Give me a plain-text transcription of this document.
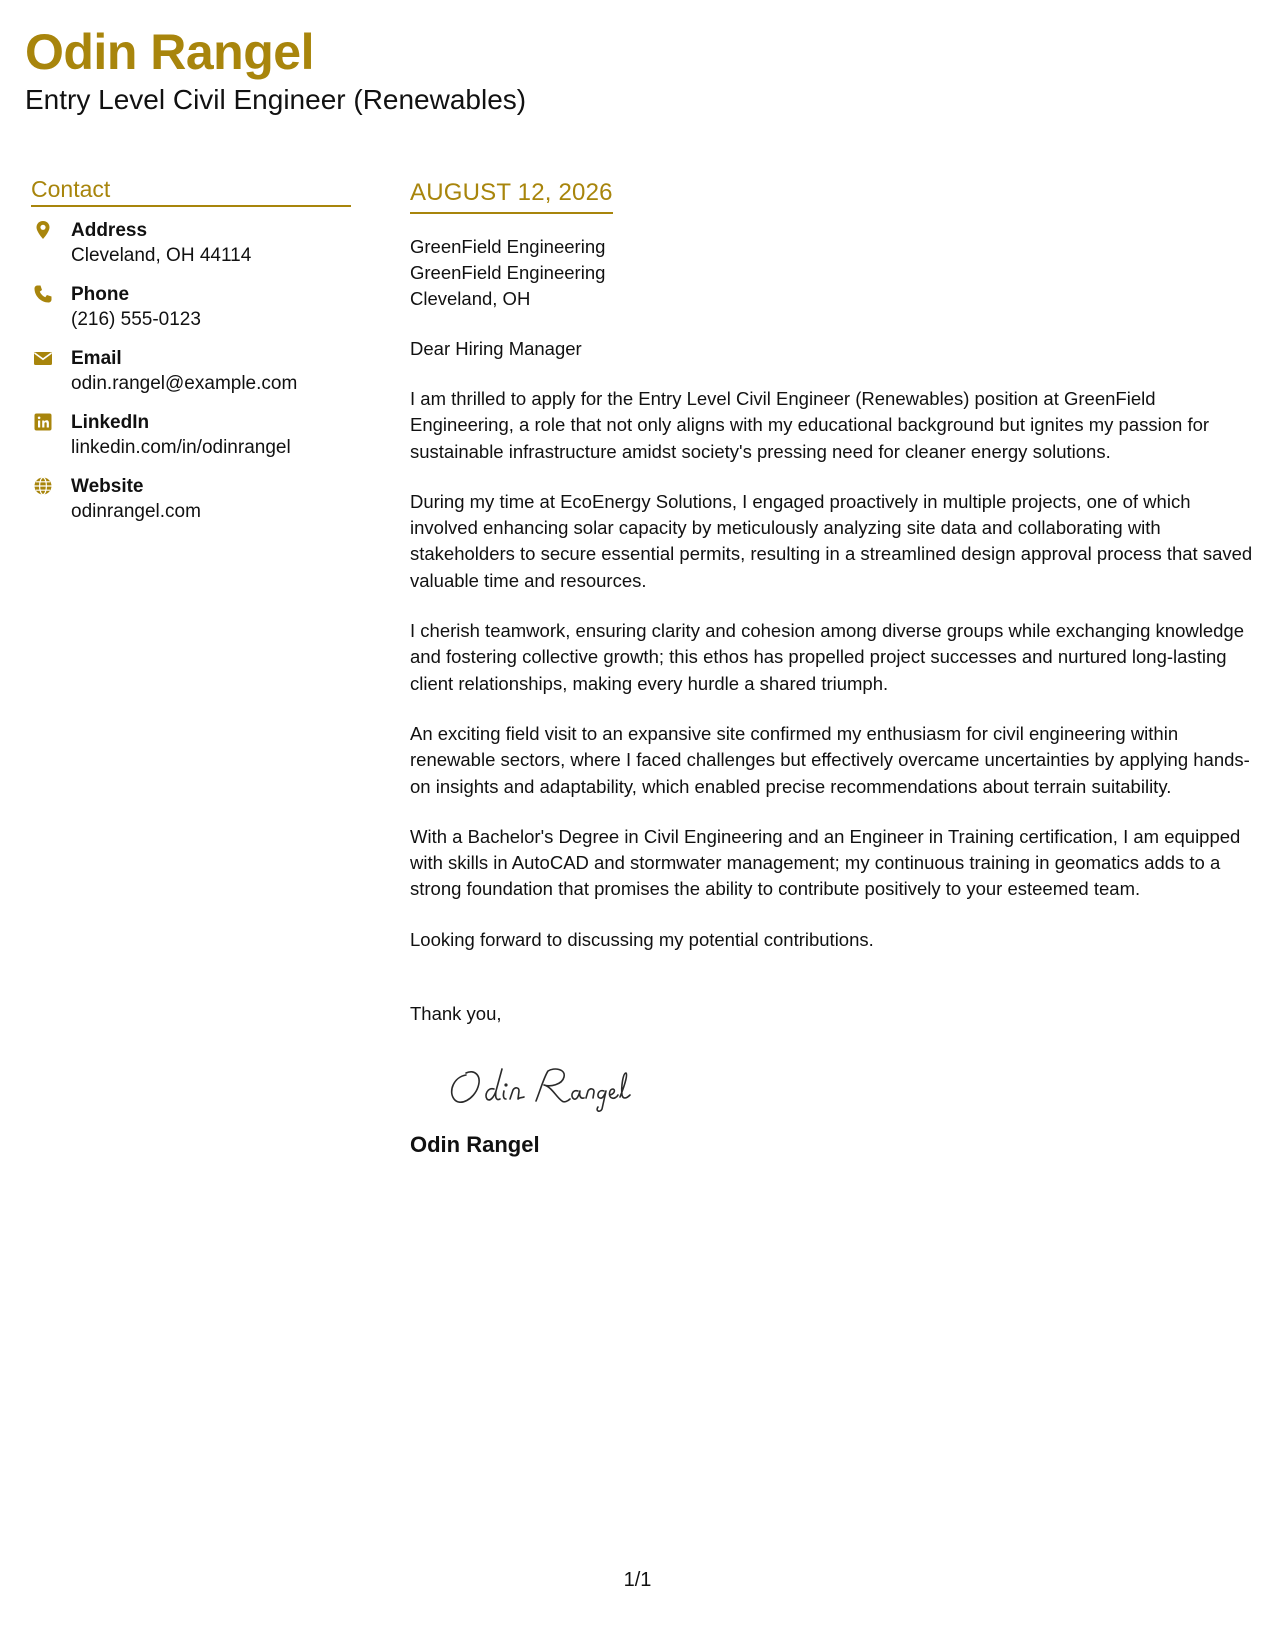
Odin Rangel
Entry Level Civil Engineer (Renewables)
Contact
Address
Cleveland, OH 44114
Phone
(216) 555-0123
Email
odin.rangel@example.com
LinkedIn
linkedin.com/in/odinrangel
Website
odinrangel.com
AUGUST 12, 2026
GreenField Engineering
GreenField Engineering
Cleveland, OH
Dear Hiring Manager
I am thrilled to apply for the Entry Level Civil Engineer (Renewables) position at GreenField Engineering, a role that not only aligns with my educational background but ignites my passion for sustainable infrastructure amidst society's pressing need for cleaner energy solutions.
During my time at EcoEnergy Solutions, I engaged proactively in multiple projects, one of which involved enhancing solar capacity by meticulously analyzing site data and collaborating with stakeholders to secure essential permits, resulting in a streamlined design approval process that saved valuable time and resources.
I cherish teamwork, ensuring clarity and cohesion among diverse groups while exchanging knowledge and fostering collective growth; this ethos has propelled project successes and nurtured long-lasting client relationships, making every hurdle a shared triumph.
An exciting field visit to an expansive site confirmed my enthusiasm for civil engineering within renewable sectors, where I faced challenges but effectively overcame uncertainties by applying hands-on insights and adaptability, which enabled precise recommendations about terrain suitability.
With a Bachelor's Degree in Civil Engineering and an Engineer in Training certification, I am equipped with skills in AutoCAD and stormwater management; my continuous training in geomatics adds to a strong foundation that promises the ability to contribute positively to your esteemed team.
Looking forward to discussing my potential contributions.
Thank you,
Odin Rangel
1/1
